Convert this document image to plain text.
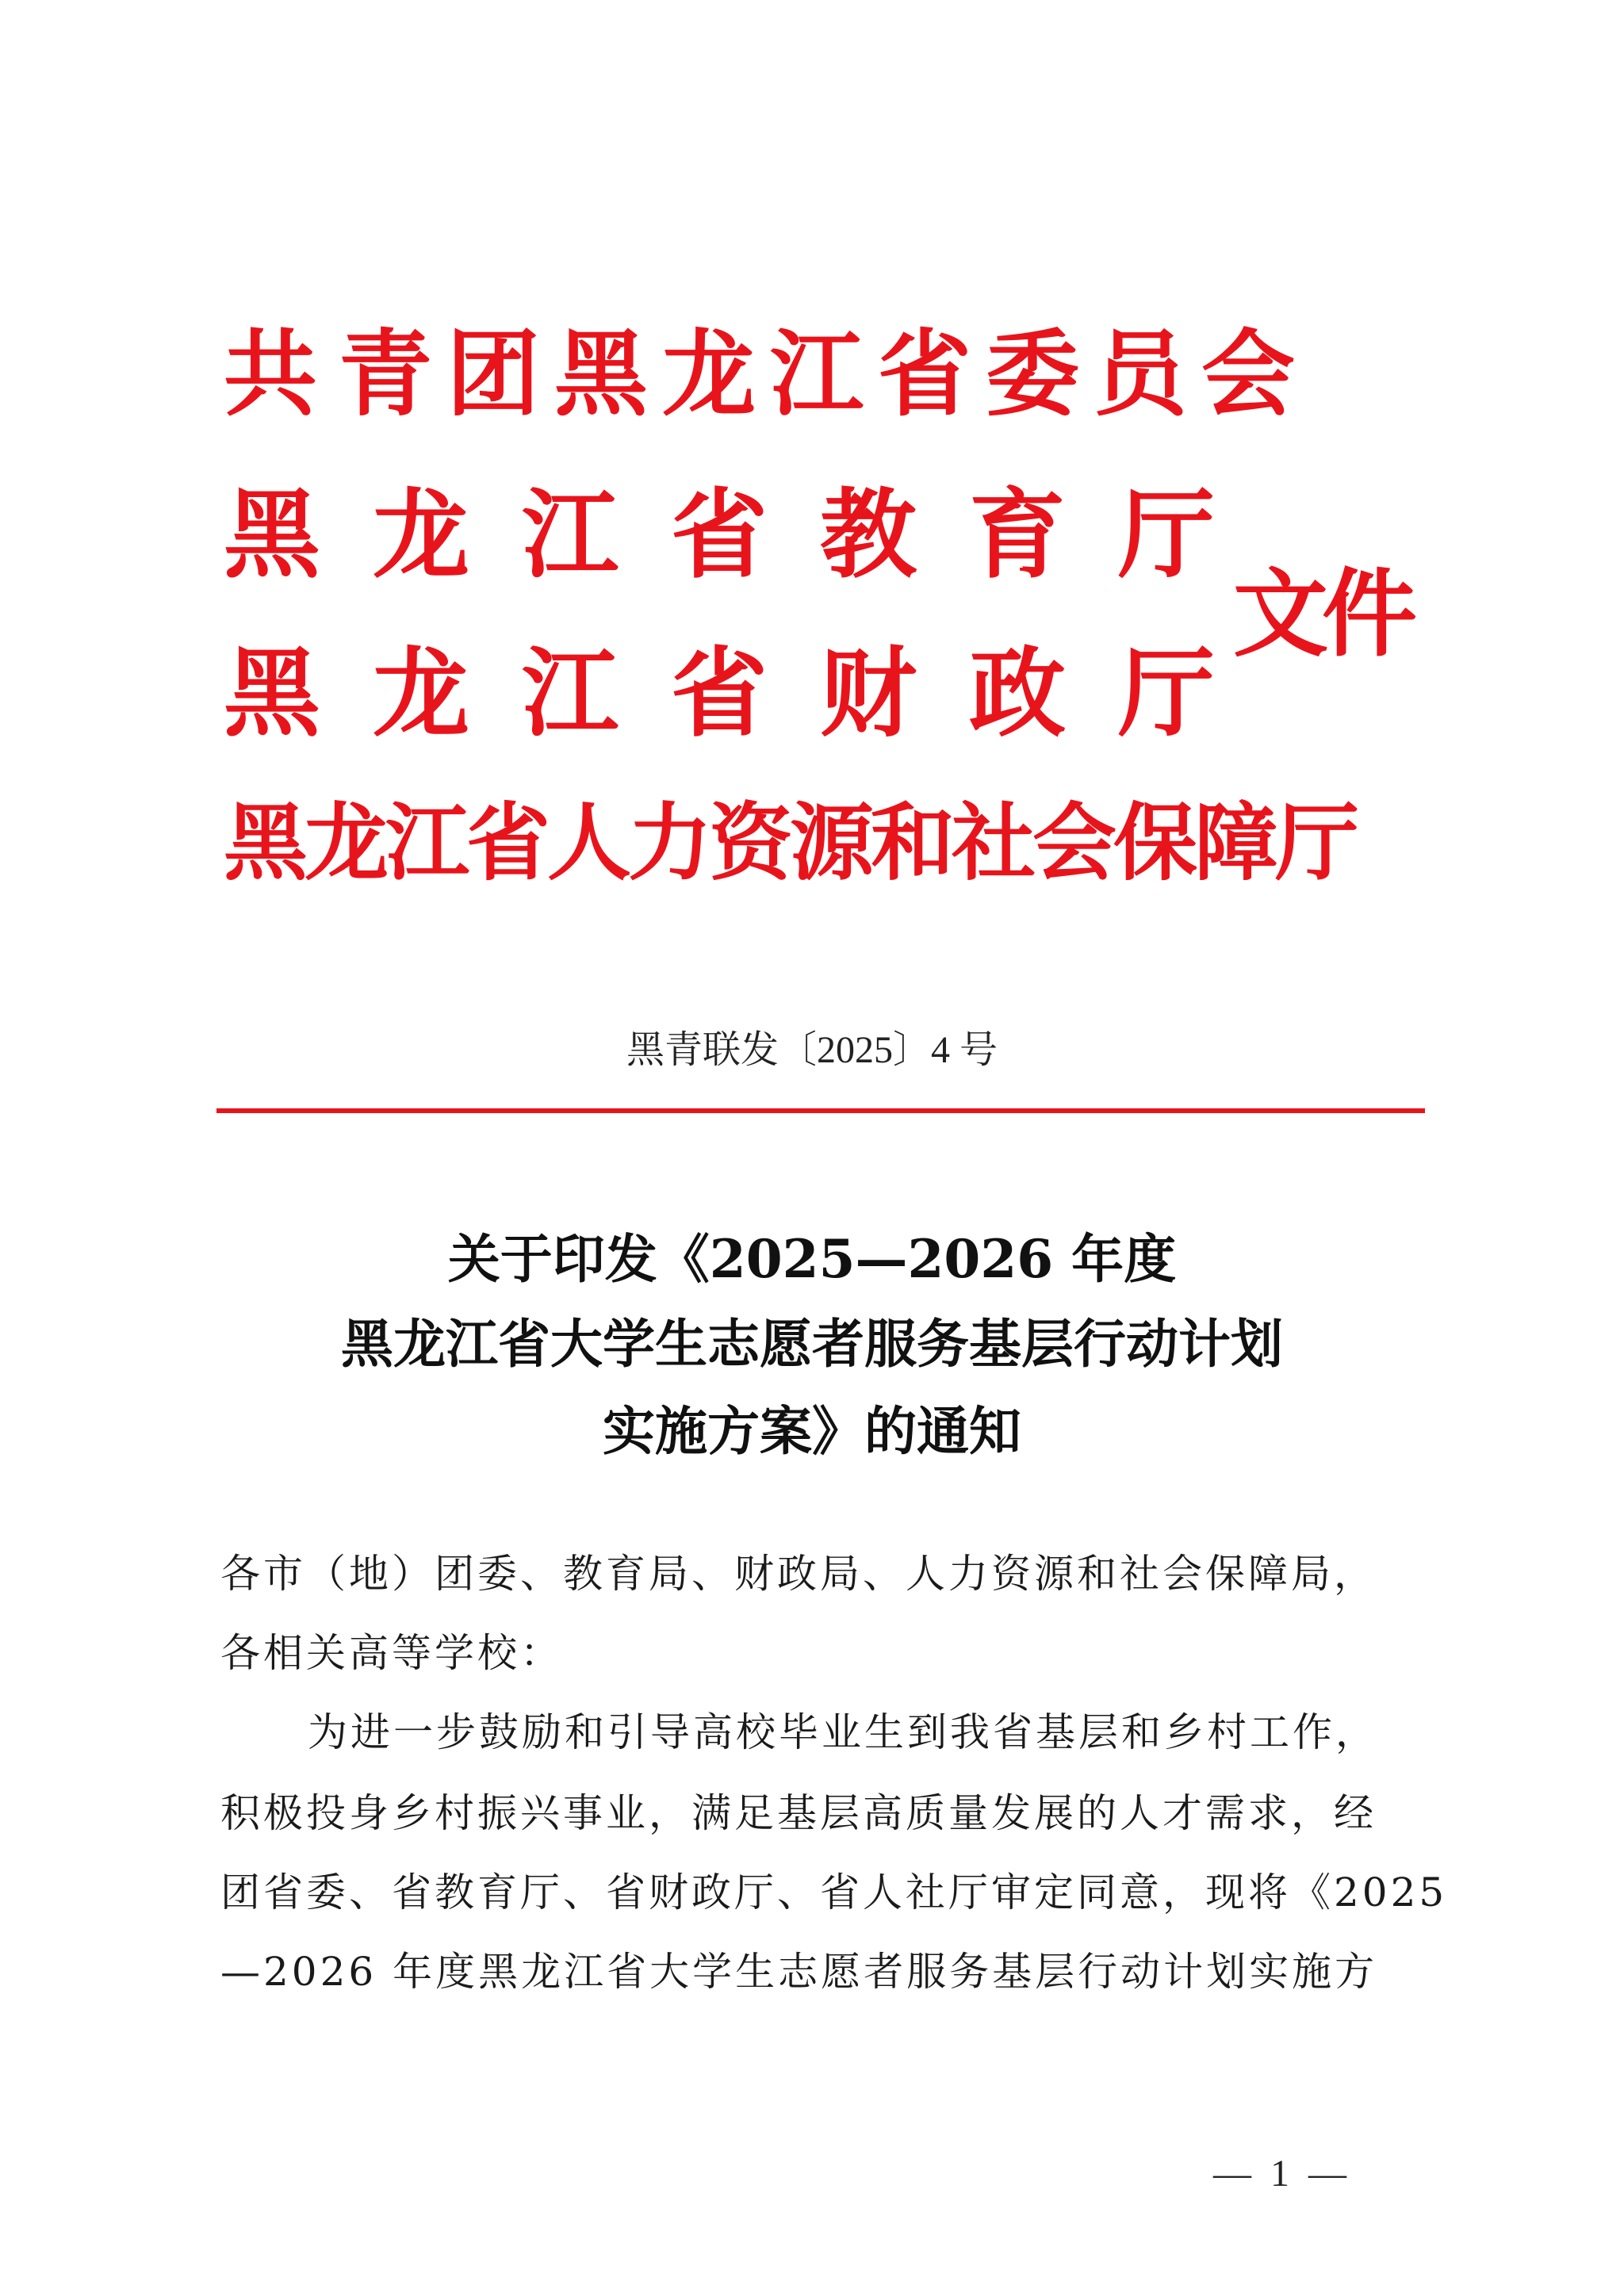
共 青 团 黑 龙 江 省 委 员 会
黑 龙 江 省 教 育 厅
黑 龙 江 省 财 政 厅
黑龙江省人力资源和社会保障厅
文件
黑青联发〔2025〕4 号
关于印发《2025—2026 年度
黑龙江省大学生志愿者服务基层行动计划
实施方案》的通知
各市（地）团委、教育局、财政局、人力资源和社会保障局，
各相关高等学校：
为进一步鼓励和引导高校毕业生到我省基层和乡村工作，
积极投身乡村振兴事业，满足基层高质量发展的人才需求，经
团省委、省教育厅、省财政厅、省人社厅审定同意，现将《2025
—2026 年度黑龙江省大学生志愿者服务基层行动计划实施方
— 1 —
